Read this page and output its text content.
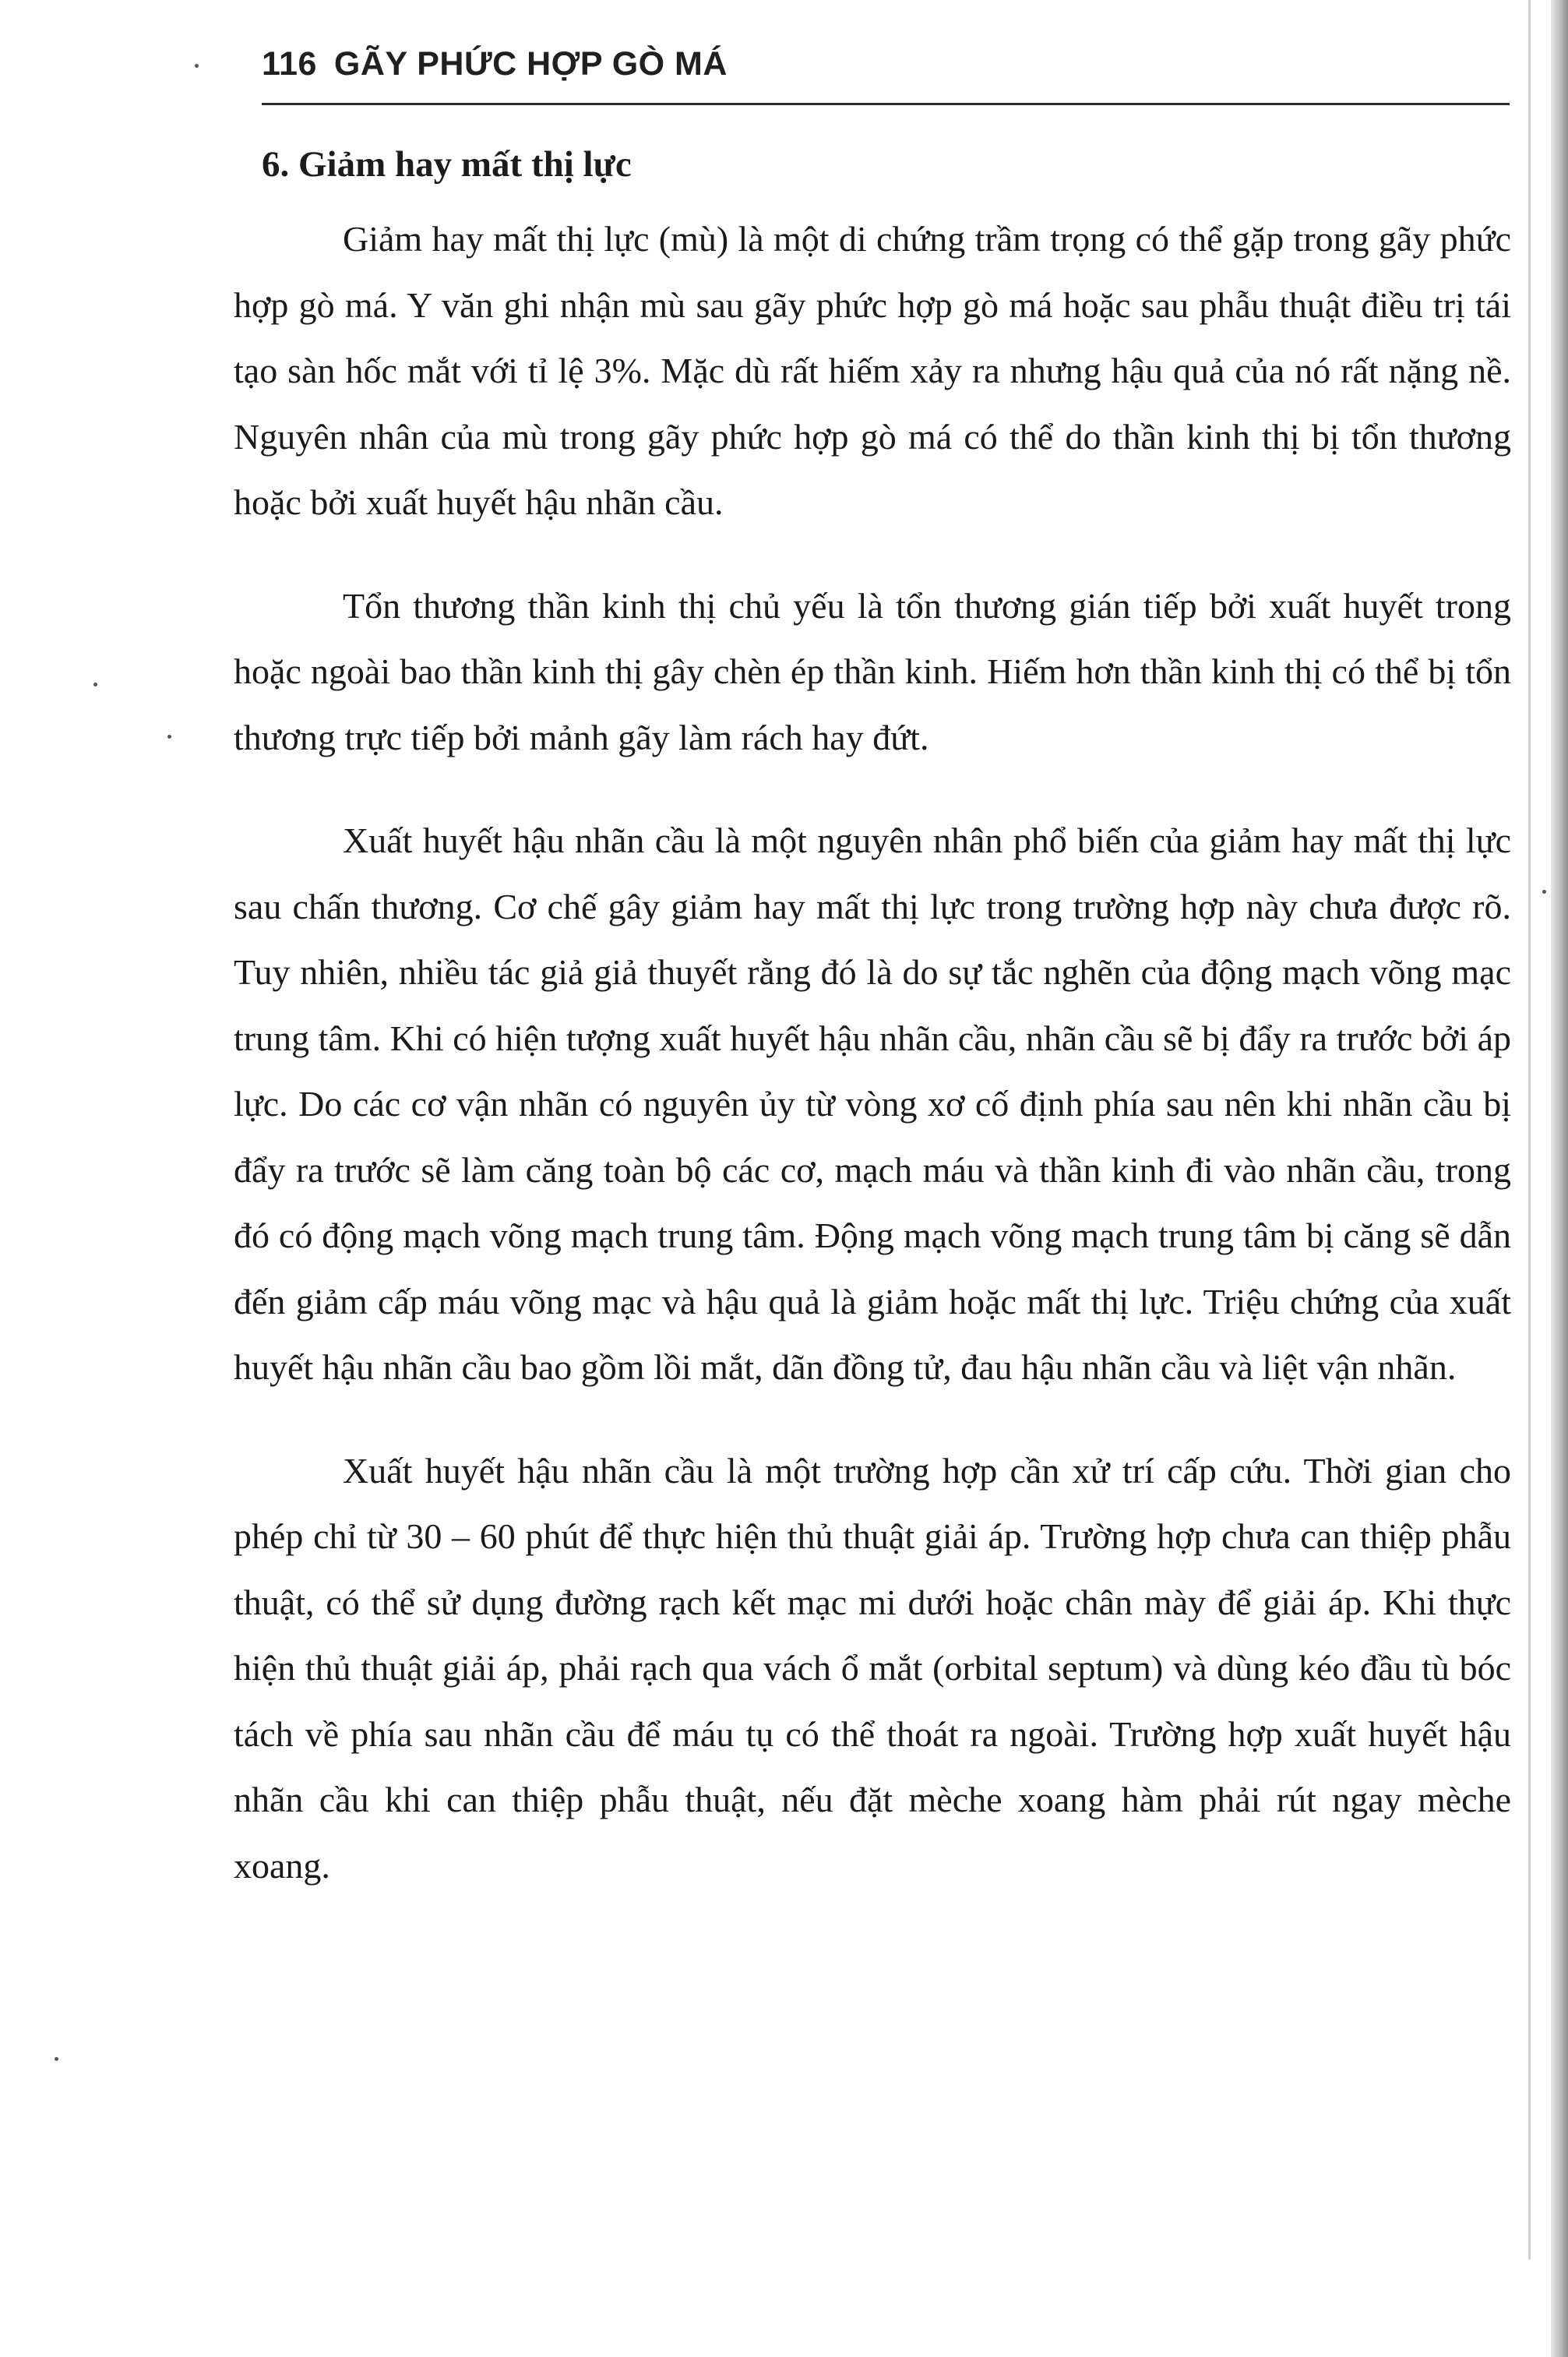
116 GÃY PHỨC HỢP GÒ MÁ
6. Giảm hay mất thị lực

Giảm hay mất thị lực (mù) là một di chứng trầm trọng có thể gặp trong gãy phức hợp gò má. Y văn ghi nhận mù sau gãy phức hợp gò má hoặc sau phẫu thuật điều trị tái tạo sàn hốc mắt với tỉ lệ 3%. Mặc dù rất hiếm xảy ra nhưng hậu quả của nó rất nặng nề. Nguyên nhân của mù trong gãy phức hợp gò má có thể do thần kinh thị bị tổn thương hoặc bởi xuất huyết hậu nhãn cầu.

Tổn thương thần kinh thị chủ yếu là tổn thương gián tiếp bởi xuất huyết trong hoặc ngoài bao thần kinh thị gây chèn ép thần kinh. Hiếm hơn thần kinh thị có thể bị tổn thương trực tiếp bởi mảnh gãy làm rách hay đứt.

Xuất huyết hậu nhãn cầu là một nguyên nhân phổ biến của giảm hay mất thị lực sau chấn thương. Cơ chế gây giảm hay mất thị lực trong trường hợp này chưa được rõ. Tuy nhiên, nhiều tác giả giả thuyết rằng đó là do sự tắc nghẽn của động mạch võng mạc trung tâm. Khi có hiện tượng xuất huyết hậu nhãn cầu, nhãn cầu sẽ bị đẩy ra trước bởi áp lực. Do các cơ vận nhãn có nguyên ủy từ vòng xơ cố định phía sau nên khi nhãn cầu bị đẩy ra trước sẽ làm căng toàn bộ các cơ, mạch máu và thần kinh đi vào nhãn cầu, trong đó có động mạch võng mạch trung tâm. Động mạch võng mạch trung tâm bị căng sẽ dẫn đến giảm cấp máu võng mạc và hậu quả là giảm hoặc mất thị lực. Triệu chứng của xuất huyết hậu nhãn cầu bao gồm lồi mắt, dãn đồng tử, đau hậu nhãn cầu và liệt vận nhãn.

Xuất huyết hậu nhãn cầu là một trường hợp cần xử trí cấp cứu. Thời gian cho phép chỉ từ 30 – 60 phút để thực hiện thủ thuật giải áp. Trường hợp chưa can thiệp phẫu thuật, có thể sử dụng đường rạch kết mạc mi dưới hoặc chân mày để giải áp. Khi thực hiện thủ thuật giải áp, phải rạch qua vách ổ mắt (orbital septum) và dùng kéo đầu tù bóc tách về phía sau nhãn cầu để máu tụ có thể thoát ra ngoài. Trường hợp xuất huyết hậu nhãn cầu khi can thiệp phẫu thuật, nếu đặt mèche xoang hàm phải rút ngay mèche xoang.
